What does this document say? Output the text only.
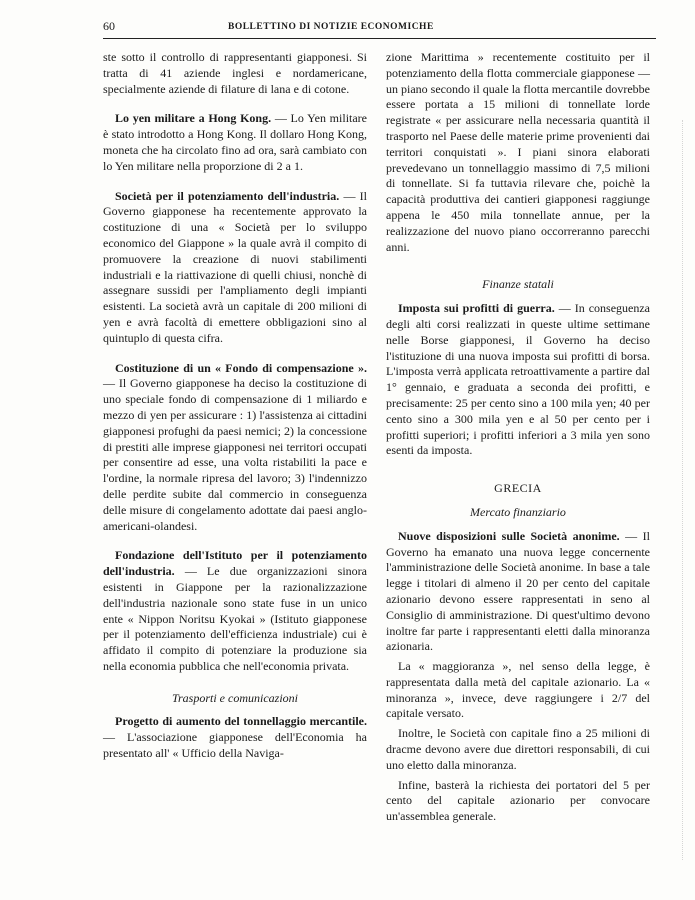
60	BOLLETTINO DI NOTIZIE ECONOMICHE

ste sotto il controllo di rappresentanti giapponesi. Si tratta di 41 aziende inglesi e nordamericane, specialmente aziende di filature di lana e di cotone.

Lo yen militare a Hong Kong. — Lo Yen militare è stato introdotto a Hong Kong. Il dollaro Hong Kong, moneta che ha circolato fino ad ora, sarà cambiato con lo Yen militare nella proporzione di 2 a 1.

Società per il potenziamento dell'industria. — Il Governo giapponese ha recentemente approvato la costituzione di una « Società per lo sviluppo economico del Giappone » la quale avrà il compito di promuovere la creazione di nuovi stabilimenti industriali e la riattivazione di quelli chiusi, nonchè di assegnare sussidi per l'ampliamento degli impianti esistenti. La società avrà un capitale di 200 milioni di yen e avrà facoltà di emettere obbligazioni sino al quintuplo di questa cifra.

Costituzione di un « Fondo di compensazione ». — Il Governo giapponese ha deciso la costituzione di uno speciale fondo di compensazione di 1 miliardo e mezzo di yen per assicurare : 1) l'assistenza ai cittadini giapponesi profughi da paesi nemici; 2) la concessione di prestiti alle imprese giapponesi nei territori occupati per consentire ad esse, una volta ristabiliti la pace e l'ordine, la normale ripresa del lavoro; 3) l'indennizzo delle perdite subite dal commercio in conseguenza delle misure di congelamento adottate dai paesi anglo-americani-olandesi.

Fondazione dell'Istituto per il potenziamento dell'industria. — Le due organizzazioni sinora esistenti in Giappone per la razionalizzazione dell'industria nazionale sono state fuse in un unico ente « Nippon Noritsu Kyokai » (Istituto giapponese per il potenziamento dell'efficienza industriale) cui è affidato il compito di potenziare la produzione sia nella economia pubblica che nell'economia privata.

Trasporti e comunicazioni

Progetto di aumento del tonnellaggio mercantile. — L'associazione giapponese dell'Economia ha presentato all' « Ufficio della Naviga-

zione Marittima » recentemente costituito per il potenziamento della flotta commerciale giapponese — un piano secondo il quale la flotta mercantile dovrebbe essere portata a 15 milioni di tonnellate lorde registrate « per assicurare nella necessaria quantità il trasporto nel Paese delle materie prime provenienti dai territori conquistati ». I piani sinora elaborati prevedevano un tonnellaggio massimo di 7,5 milioni di tonnellate. Si fa tuttavia rilevare che, poichè la capacità produttiva dei cantieri giapponesi raggiunge appena le 450 mila tonnellate annue, per la realizzazione del nuovo piano occorreranno parecchi anni.

Finanze statali

Imposta sui profitti di guerra. — In conseguenza degli alti corsi realizzati in queste ultime settimane nelle Borse giapponesi, il Governo ha deciso l'istituzione di una nuova imposta sui profitti di borsa. L'imposta verrà applicata retroattivamente a partire dal 1° gennaio, e graduata a seconda dei profitti, e precisamente: 25 per cento sino a 100 mila yen; 40 per cento sino a 300 mila yen e al 50 per cento per i profitti superiori; i profitti inferiori a 3 mila yen sono esenti da imposta.

GRECIA

Mercato finanziario

Nuove disposizioni sulle Società anonime. — Il Governo ha emanato una nuova legge concernente l'amministrazione delle Società anonime. In base a tale legge i titolari di almeno il 20 per cento del capitale azionario devono essere rappresentati in seno al Consiglio di amministrazione. Di quest'ultimo devono inoltre far parte i rappresentanti eletti dalla minoranza azionaria.

La « maggioranza », nel senso della legge, è rappresentata dalla metà del capitale azionario. La « minoranza », invece, deve raggiungere i 2/7 del capitale versato.

Inoltre, le Società con capitale fino a 25 milioni di dracme devono avere due direttori responsabili, di cui uno eletto dalla minoranza.

Infine, basterà la richiesta dei portatori del 5 per cento del capitale azionario per convocare un'assemblea generale.
